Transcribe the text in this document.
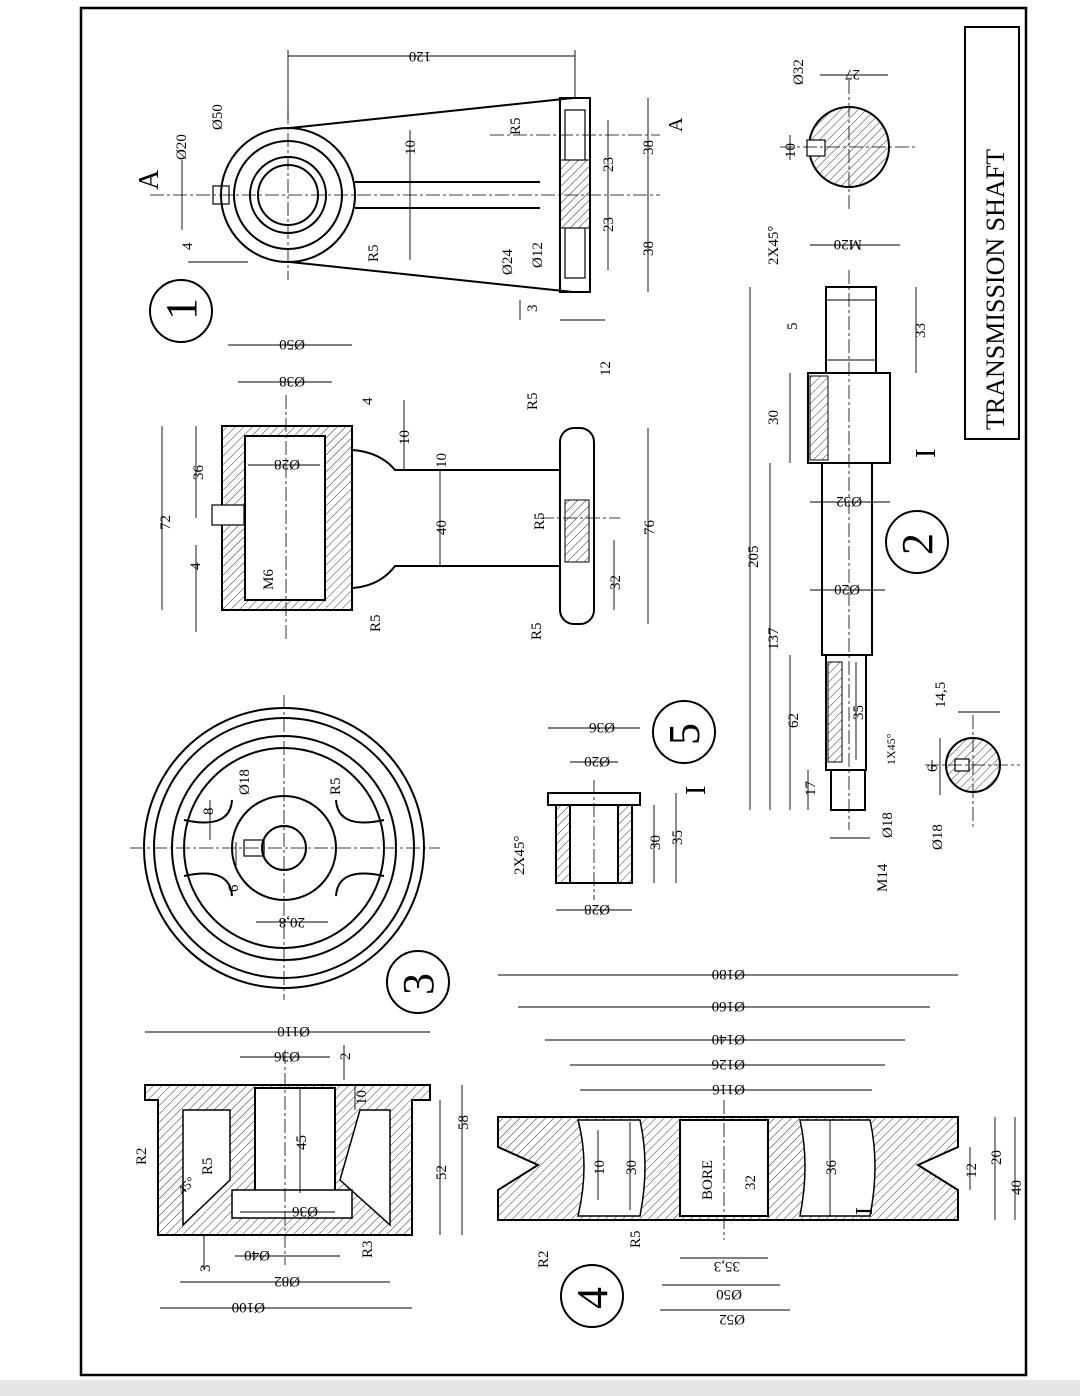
TRANSMISSION SHAFT
120
Ø50
Ø20
4
10
R5
R5	Ø24 Ø12
3
23
23
38
38
12
A
A
1
Ø50
Ø38
Ø28
72
36
4
M6
4
10
10
40
R5
R5
R5	R5
76
32
2X45°	M20
33
5
30
Ø32
205
Ø20
137
62
35
17
1X45°
Ø18
M14
I
2
Ø32	27
10
14,5
6
Ø18
Ø18	R5
8
6
20,8
3
Ø36
Ø20
Ø28
30 35
2X45°
I
5
Ø180
Ø160
Ø140
Ø126
Ø116
BORE 32
10 30	36	12
20
40
R2
R5
35,3
Ø50
Ø52
I
4
Ø110
Ø36	2
10
45
R2
R5
45°
52
58
Ø36
R3
Ø40
3
Ø82
Ø100
